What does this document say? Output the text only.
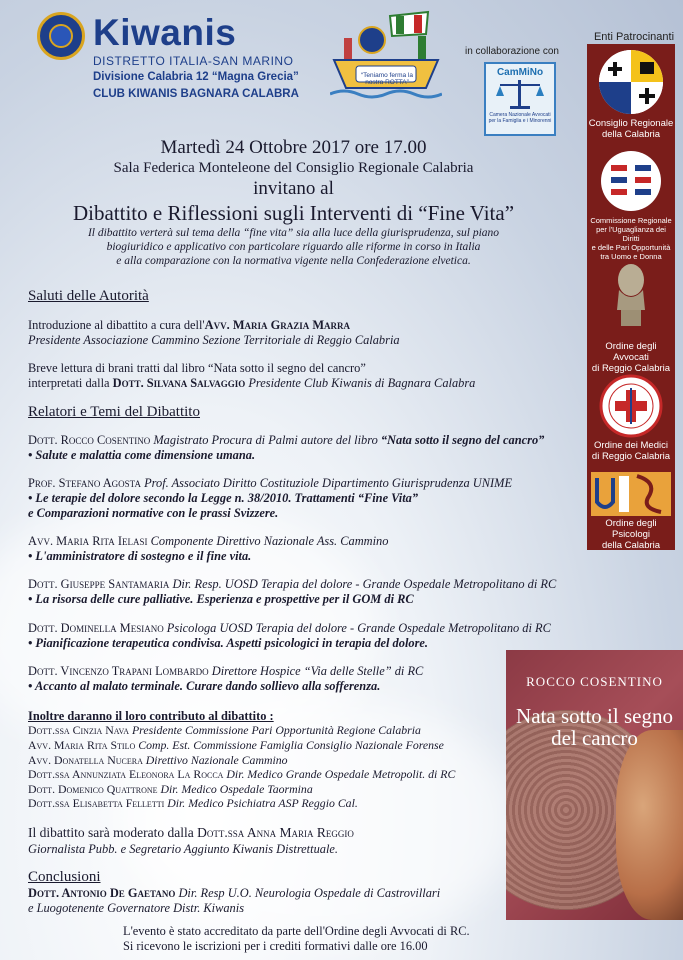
Kiwanis
DISTRETTO ITALIA-SAN MARINO
Divisione Calabria 12 “Magna Grecia”
CLUB KIWANIS BAGNARA CALABRA
“Teniamo ferma la nostra ROTTA”
in collaborazione con
CamMiNo
Camera Nazionale Avvocati per la Famiglia e i Minorenni
Enti Patrocinanti
Consiglio Regionale
della Calabria
Commissione Regionale
per l'Uguaglianza dei Diritti
e delle Pari Opportunità
tra Uomo e Donna
Ordine degli Avvocati
di Reggio Calabria
Ordine dei Medici
di Reggio Calabria
Ordine degli Psicologi
della Calabria
Martedì 24 Ottobre 2017 ore 17.00
Sala Federica Monteleone del Consiglio Regionale Calabria
invitano al
Dibattito e Riflessioni sugli Interventi di “Fine Vita”
Il dibattito verterà sul tema della “fine vita” sia alla luce della giurisprudenza, sul piano
biogiuridico e applicativo con particolare riguardo alle riforme in corso in Italia
e alla comparazione con la normativa vigente nella Confederazione elvetica.
Saluti delle Autorità
Introduzione al dibattito a cura dell'Avv. Maria Grazia Marra
Presidente Associazione Cammino Sezione Territoriale di Reggio Calabria
Breve lettura di brani tratti dal libro “Nata sotto il segno del cancro”
interpretati dalla Dott. Silvana Salvaggio Presidente Club Kiwanis di Bagnara Calabra
Relatori e Temi del Dibattito
Dott. Rocco Cosentino Magistrato Procura di Palmi autore del libro “Nata sotto il segno del cancro”
• Salute e malattia come dimensione umana.
Prof. Stefano Agosta Prof. Associato Diritto Costituziole Dipartimento Giurisprudenza UNIME
• Le terapie del dolore secondo la Legge n. 38/2010. Trattamenti “Fine Vita”
e Comparazioni normative con le prassi Svizzere.
Avv. Maria Rita Ielasi Componente Direttivo Nazionale Ass. Cammino
• L'amministratore di sostegno e il fine vita.
Dott. Giuseppe Santamaria Dir. Resp. UOSD Terapia del dolore - Grande Ospedale Metropolitano di RC
• La risorsa delle cure palliative. Esperienza e prospettive per il GOM di RC
Dott. Dominella Mesiano Psicologa UOSD Terapia del dolore - Grande Ospedale Metropolitano di RC
• Pianificazione terapeutica condivisa. Aspetti psicologici in terapia del dolore.
Dott. Vincenzo Trapani Lombardo Direttore Hospice “Via delle Stelle” di RC
• Accanto al malato terminale. Curare dando sollievo alla sofferenza.
Inoltre daranno il loro contributo al dibattito :
Dott.ssa Cinzia Nava Presidente Commissione Pari Opportunità Regione Calabria
Avv. Maria Rita Stilo Comp. Est. Commissione Famiglia Consiglio Nazionale Forense
Avv. Donatella Nucera Direttivo Nazionale Cammino
Dott.ssa Annunziata Eleonora La Rocca Dir. Medico Grande Ospedale Metropolit. di RC
Dott. Domenico Quattrone Dir. Medico Ospedale Taormina
Dott.ssa Elisabetta Felletti Dir. Medico Psichiatra ASP Reggio Cal.
Il dibattito sarà moderato dalla Dott.ssa Anna Maria Reggio
Giornalista Pubb. e Segretario Aggiunto Kiwanis Distrettuale.
Conclusioni
Dott. Antonio De Gaetano Dir. Resp U.O. Neurologia Ospedale di Castrovillari
e Luogotenente Governatore Distr. Kiwanis
L'evento è stato accreditato da parte dell'Ordine degli Avvocati di RC.
Si ricevono le iscrizioni per i crediti formativi dalle ore 16.00
ROCCO COSENTINO
Nata sotto il segno
del cancro
